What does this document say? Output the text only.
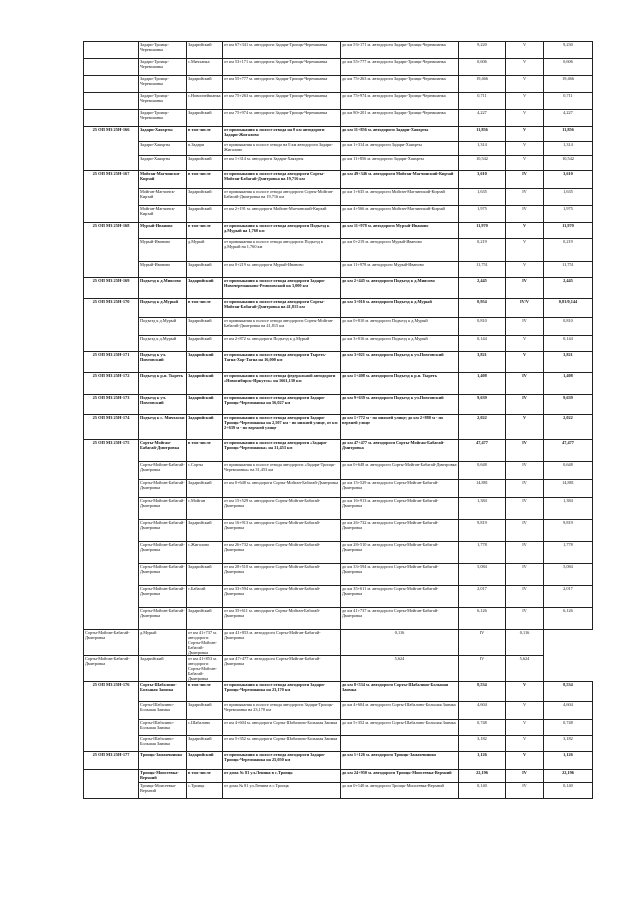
	Задари-Троицк-Черемшанка	Задарийский	от км 67+341 м. автодороги Задари-Троицк-Черемшанка	до км 53+171 м. автодороги Задари-Троицк-Черемшанка	9,220	V	9,230
	Задари-Троицк-Черемшанка	с.Мичхаика	от км 53+171 м. автодороги Задари-Троицк-Черемшанка	до км 55+777 м. автодороги Задари-Троицк-Черемшанка	0,606	V	0,606
	Задари-Троицк-Черемшанка	Задарийский	от км 55+777 м. автодороги Задари-Троицк-Черемшанка	до км 75+263 м. автодороги Задари-Троицк-Черемшанка	19,466	V	19,466
	Задари-Троицк-Черемшанка	с.Новоичейшанка	от км 75+263 м. автодороги Задари-Троицк-Черемшанка	до км 75+974 м. автодороги Задари-Троицк-Черемшанка	0,711	V	0,711
	Задари-Троицк-Черемшанка	Задарийский	от км 75+974 м. автодороги Задари-Троицк-Черемшанка	до км 80+201 м. автодороги Задари-Троицк-Черемшанка	4,227	V	4,227
25 ОП МЗ 25Н-166	Задари-Хаяхрты	в том числе	от примыкания к полосе отвода на 0 км автодороги Задари-Жигалово	до км 11+856 м. автодороги Задари-Хаяхрты	11,856	V	11,856
	Задари-Хаяхрты	п.Задари	от примыкания к полосе отвода на 0 км автодороги Задари-Жигалово	до км 1+314 м. автодороги Задари-Хаяхрты	1,314	V	1,314
	Задари-Хаяхрты	Задарийский	от км 1+314 м. автодороги Задари-Хаяхрты	до км 11+856 м. автодороги Задари-Хаяхрты	10,542	V	10,542
25 ОП МЗ 25Н-167	Мойган-Магчински-Кирзай	в том числе	от примыкания к полосе отвода автодороги Сорты-Мойган-Бабагай-Дмитровка на 19,716 км	до км 49+346 м. автодороги Мойган-Магчинский-Кирзай	3,610	IV	3,610
	Мойган-Магчинск-Кирзай	Задарийский	от примыкания к полосе отвода автодороги Сорты-Мойган-Бабагай-Дмитровка на 19,716 км	до км 1+635 м. автодороги Мойган-Магчинский-Кирзай	1,635	IV	1,635
	Мойган-Магчинск-Кирзай	Задарийский	от км 2+191 м. автодороги Мойган-Магчинский-Кирзай	до км 4+566 м. автодороги Мойган-Магчинский-Кирзай	1,975	IV	1,975
25 ОП МЗ 25Н-168	Мурый-Иваново	в том числе	от примыкания к полосе отвода автодороги Подъезд к д.Мурый на 1,760 км	до км 11+978 м. автодороги Мурый-Иваново	11,970	V	11,970
	Мурый-Иваново	д.Мурый	от примыкания к полосе отвода автодороги Подъезд к д.Мурый на 1,760 км	до км 0+219 м. автодороги Мурый-Иваново	0,219	V	0,219
	Мурый-Иваново	Задарийский	от км 0+219 м. автодороги Мурый-Иваново	до км 11+978 м. автодороги Мурый-Иваново	11,751	V	11,751
25 ОП МЗ 25Н-169	Подъезд к д.Миясово	Задарийский	от примыкания к полосе отвода автодороги Задари-Новочерепанково-Ремизовский на 3,000 км	до км 2+445 м. автодороги Подъезд к д.Миясово	2,445	IV	2,445
25 ОП МЗ 25Н-170	Подъезд к д.Мурый	в том числе	от примыкания к полосе отвода автодороги Сорты-Мойган-Бабагай-Дмитровка на 41,815 км	до км 3+016 м. автодороги Подъезд к д.Мурый	0,954	IV/V	0,81/0,144
	Подъезд к д.Мурый	Задарийский	от примыкания к полосе отвода автодороги Сорты-Мойган-Бабагай-Дмитровка на 41,815 км	до км 0+810 м. автодороги Подъезд к д.Мурый	0,810	IV	0,810
	Подъезд к д.Мурый	Задарийский	от км 2+872 м. автодороги Подъезд к д.Мурый	до км 3+016 м. автодороги Подъезд к д.Мурый	0,144	V	0,144
25 ОП МЗ 25Н-171	Подъезд к уч. Пихтовский	Задарийский	от примыкания к полосе отвода автодороги Тыреть-Тагна-Хор-Тагна на 16,000 км	до км 3+021 м. автодороги Подъезд к уч.Пихтовский	3,821	V	3,821
25 ОП МЗ 25Н-172	Подъезд к р.п. Тыреть	Задарийский	от примыкания к полосе отвода федеральной автодороги «Новосибирск-Иркутск» на 1661,130 км	до км 1+408 м. автодороги Подъезд к р.п. Тыреть	1,408	IV	1,408
25 ОП МЗ 25Н-173	Подъезд к уч. Пихтовский	Задарийский	от примыкания к полосе отвода автодороги Задари-Троицк-Черемшанка на 56,027 км	до км 9+639 м. автодороги Подъезд к уч.Пихтовский	9,639	IV	9,639
25 ОП МЗ 25Н-174	Подъезд к с. Мичхаски	Задарийский	от примыкания к полосе отвода автодороги Задари-Троицк-Черемшанка на 2,507 км - по нижней улице, от км 2+639 м - по верхней улице	до км 1+772 м - по нижней улице; до км 2+880 м - по верхней улице	2,022	V	2,022
25 ОП МЗ 25Н-175	Сорты-Мойган-Бабагай-Дмитровка	в том числе	от примыкания к полосе отвода автодороги «Задари-Троицк-Черемшанка» на 31,453 км	до км 47+477 м. автодороги Сорты-Мойган-Бабагай-Дмитровка	47,477	IV	47,477
	Сорты-Мойган-Бабагай-Дмитровка	с.Сорты	от примыкания к полосе отвода автодороги «Задари-Троицк-Черемшанка» на 31,453 км	до км 0+648 м. автодороги Сорты-Мойган-Бабагай-Дмитровка	0,648	IV	0,648
	Сорты-Мойган-Бабагай-Дмитровка	Задарийский	от км 0+648 м. автодороги Сорты-Мойган-Бабагай-Дмитровка	до км 15+529 м. автодороги Сорты-Мойган-Бабагай-Дмитровка	14,881	IV	14,881
	Сорты-Мойган-Бабагай-Дмитровка	с.Мойган	от км 15+529 м. автодороги Сорты-Мойган-Бабагай-Дмитровка	до км 16+913 м. автодороги Сорты-Мойган-Бабагай-Дмитровка	1,384	IV	1,384
	Сорты-Мойган-Бабагай-Дмитровка	Задарийский	от км 16+913 м. автодороги Сорты-Мойган-Бабагай-Дмитровка	до км 26+732 м. автодороги Сорты-Мойган-Бабагай-Дмитровка	9,819	IV	9,819
	Сорты-Мойган-Бабагай-Дмитровка	с.Жигалово	от км 26+732 м. автодороги Сорты-Мойган-Бабагай-Дмитровка	до км 28+510 м. автодороги Сорты-Мойган-Бабагай-Дмитровка	1,778	IV	1,778
	Сорты-Мойган-Бабагай-Дмитровка	Задарийский	от км 28+510 м. автодороги Сорты-Мойган-Бабагай-Дмитровка	до км 33+594 м. автодороги Сорты-Мойган-Бабагай-Дмитровка	5,084	IV	5,084
	Сорты-Мойган-Бабагай-Дмитровка	с.Бабагай	от км 33+594 м. автодороги Сорты-Мойган-Бабагай-Дмитровка	до км 35+611 м. автодороги Сорты-Мойган-Бабагай-Дмитровка	2,017	IV	2,017
	Сорты-Мойган-Бабагай-Дмитровка	Задарийский	от км 35+611 м. автодороги Сорты-Мойган-Бабагай-Дмитровка	до км 41+737 м. автодороги Сорты-Мойган-Бабагай-Дмитровка	6,126	IV	6,126
Сорты-Мойган-Бабагай-Дмитровка	д.Мурый	от км 41+737 м. автодороги Сорты-Мойган-Бабагай-Дмитровка	до км 41+853 м. автодороги Сорты-Мойган-Бабагай-Дмитровка	0,116	IV	0,116	
Сорты-Мойган-Бабагай-Дмитровка	Задарийский	от км 41+853 м. автодороги Сорты-Мойган-Бабагай-Дмитровка	до км 47+477 м. автодороги Сорты-Мойган-Бабагай-Дмитровка	5,624	IV	5,624	
25 ОП МЗ 25Н-176	Сорты-Шабалино-Большая Заимка	в том числе	от примыкания к полосе отвода автодороги Задари-Троицк-Черемшанка на 23,170 км	до км 8+534 м. автодороги Сорты-Шабалино-Большая Заимка	8,534	V	8,534
	Сорты-Шабалино-Большая Заимка	Задарийский	от примыкания к полосе отвода автодороги Задари-Троицк-Черемшанка на 23,170 км	до км 4+604 м. автодороги Сорты-Шабалино-Большая Заимка	4,604	V	4,604
	Сорты-Шабалино-Большая Заимка	с.Шабалино	от км 4+604 м. автодороги Сорты-Шабалино-Большая Заимка	до км 5+352 м. автодороги Сорты-Шабалино-Большая Заимка	0,748	V	0,748
	Сорты-Шабалино-Большая Заимка	Задарийский	от км 5+352 м. автодороги Сорты-Шабалино-Большая Заимка		3,182	V	3,182
25 ОП МЗ 25Н-177	Троицк-Замаячнинко	Задарийский	от примыкания к полосе отвода автодороги Задари-Троицк-Черемшанка на 25,050 км	до км 1+126 м. автодороги Троицк-Замаячнинко	1,126	V	1,126
	Троицк-Моисеевка-Верхний	в том числе	от дома № 81 ул.Ленина в с.Троицк	до км 24+950 м. автодороги Троицк-Моисеевка-Верхний	22,196	IV	22,196
	Троицк-Моисеевка-Верхний	с.Троицк	от дома № 81 ул.Ленина в с.Троицк	до км 0+140 м. автодороги Троицк-Моисеевка-Верхний	0,140	IV	0,140
